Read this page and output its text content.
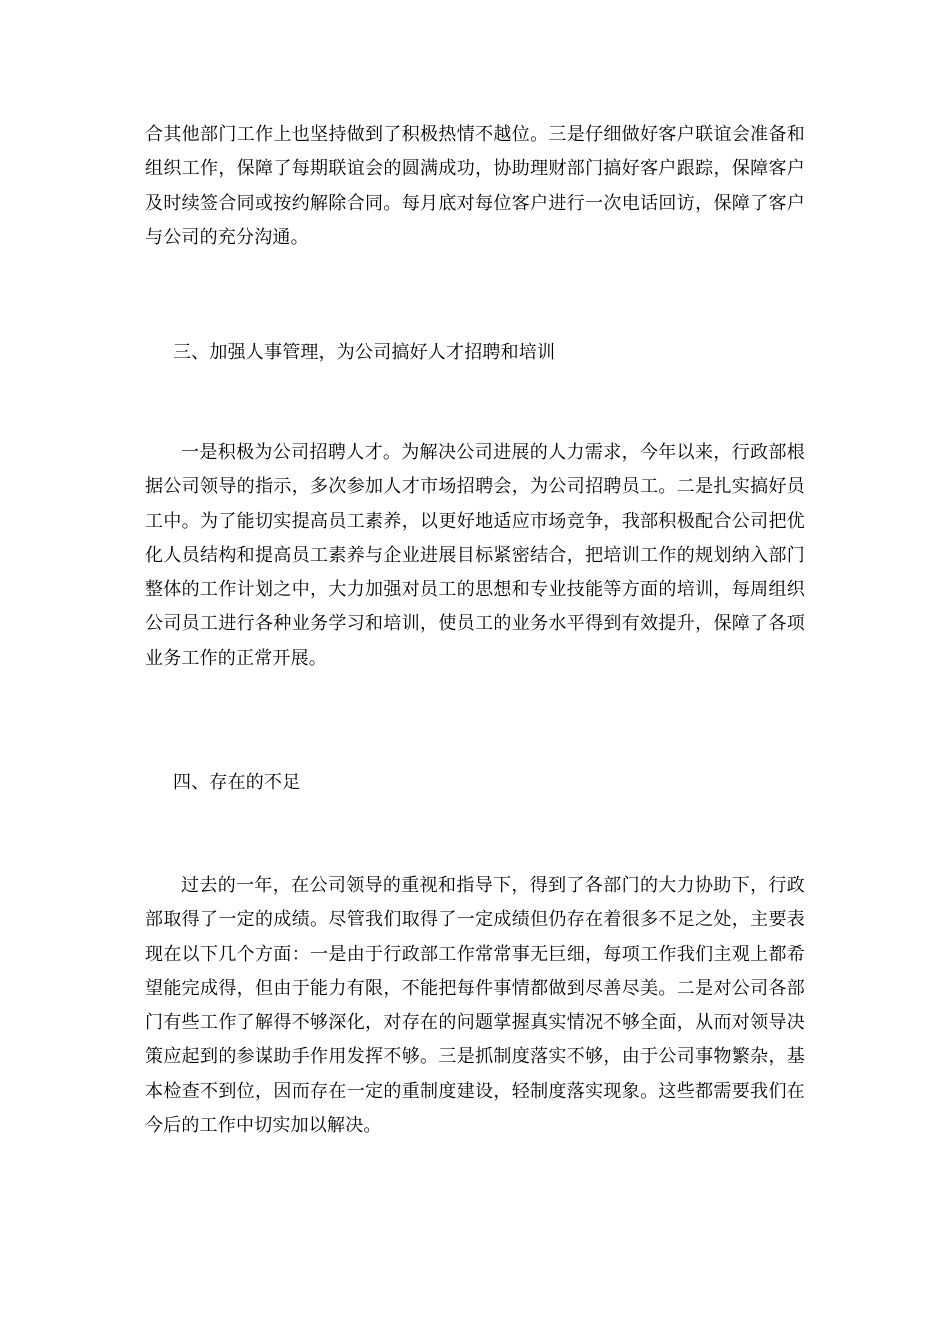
合其他部门工作上也坚持做到了积极热情不越位。三是仔细做好客户联谊会准备和组织工作，保障了每期联谊会的圆满成功，协助理财部门搞好客户跟踪，保障客户及时续签合同或按约解除合同。每月底对每位客户进行一次电话回访，保障了客户与公司的充分沟通。

三、加强人事管理，为公司搞好人才招聘和培训

一是积极为公司招聘人才。为解决公司进展的人力需求，今年以来，行政部根据公司领导的指示，多次参加人才市场招聘会，为公司招聘员工。二是扎实搞好员工中。为了能切实提高员工素养，以更好地适应市场竞争，我部积极配合公司把优化人员结构和提高员工素养与企业进展目标紧密结合，把培训工作的规划纳入部门整体的工作计划之中，大力加强对员工的思想和专业技能等方面的培训，每周组织公司员工进行各种业务学习和培训，使员工的业务水平得到有效提升，保障了各项业务工作的正常开展。

四、存在的不足

过去的一年，在公司领导的重视和指导下，得到了各部门的大力协助下，行政部取得了一定的成绩。尽管我们取得了一定成绩但仍存在着很多不足之处，主要表现在以下几个方面：一是由于行政部工作常常事无巨细，每项工作我们主观上都希望能完成得，但由于能力有限，不能把每件事情都做到尽善尽美。二是对公司各部门有些工作了解得不够深化，对存在的问题掌握真实情况不够全面，从而对领导决策应起到的参谋助手作用发挥不够。三是抓制度落实不够，由于公司事物繁杂，基本检查不到位，因而存在一定的重制度建设，轻制度落实现象。这些都需要我们在今后的工作中切实加以解决。
